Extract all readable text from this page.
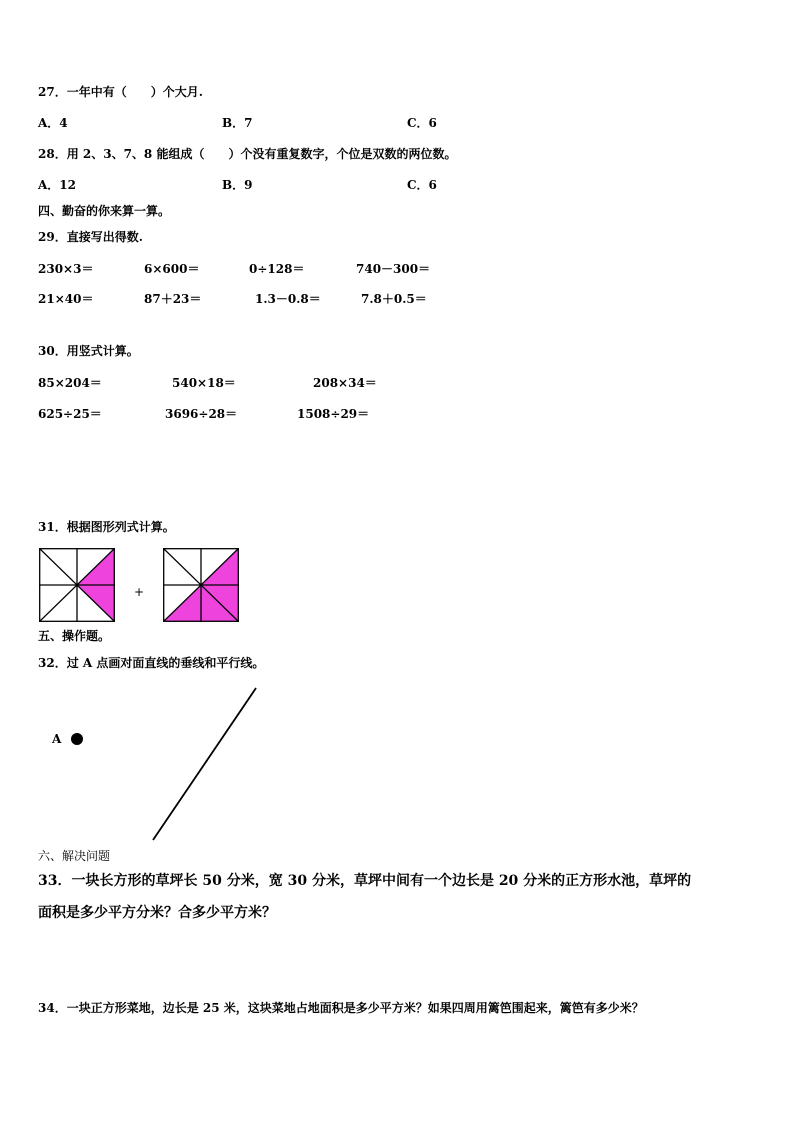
27．一年中有（　　）个大月.
A．4	B．7	C．6
28．用 2、3、7、8 能组成（　　）个没有重复数字，个位是双数的两位数。
A．12	B．9	C．6
四、勤奋的你来算一算。
29．直接写出得数.
230×3＝	6×600＝	0÷128＝	740－300＝
21×40＝	87＋23＝	1.3－0.8＝	7.8＋0.5＝
30．用竖式计算。
85×204＝	540×18＝	208×34＝
625÷25＝	3696÷28＝	1508÷29＝
31．根据图形列式计算。
+
五、操作题。
32．过 A 点画对面直线的垂线和平行线。
A
六、解决问题
33．一块长方形的草坪长 50 分米，宽 30 分米，草坪中间有一个边长是 20 分米的正方形水池，草坪的
面积是多少平方分米？合多少平方米？
34．一块正方形菜地，边长是 25 米，这块菜地占地面积是多少平方米？如果四周用篱笆围起来，篱笆有多少米？
